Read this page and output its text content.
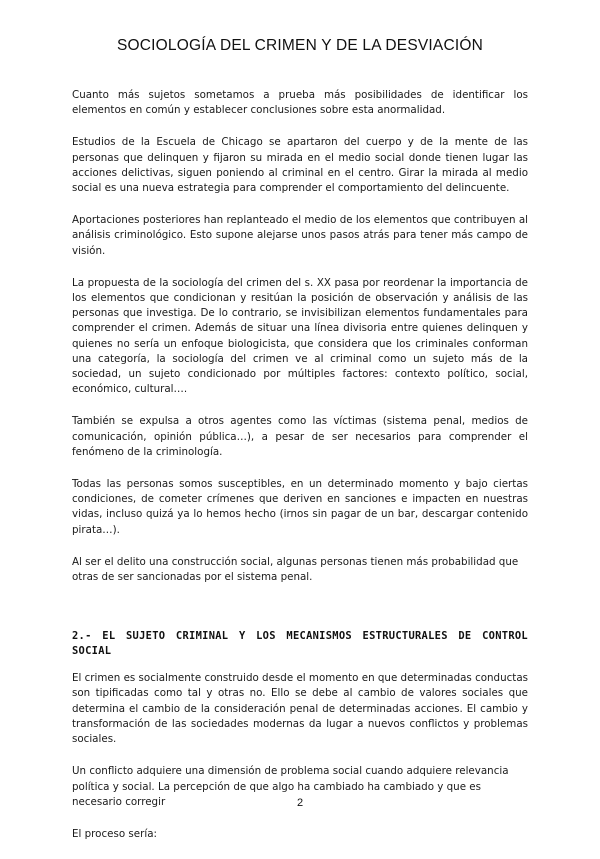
SOCIOLOGÍA DEL CRIMEN Y DE LA DESVIACIÓN

Cuanto más sujetos sometamos a prueba más posibilidades de identificar los elementos en común y establecer conclusiones sobre esta anormalidad.

Estudios de la Escuela de Chicago se apartaron del cuerpo y de la mente de las personas que delinquen y fijaron su mirada en el medio social donde tienen lugar las acciones delictivas, siguen poniendo al criminal en el centro. Girar la mirada al medio social es una nueva estrategia para comprender el comportamiento del delincuente.

Aportaciones posteriores han replanteado el medio de los elementos que contribuyen al análisis criminológico. Esto supone alejarse unos pasos atrás para tener más campo de visión.

La propuesta de la sociología del crimen del s. XX pasa por reordenar la importancia de los elementos que condicionan y resitúan la posición de observación y análisis de las personas que investiga. De lo contrario, se invisibilizan elementos fundamentales para comprender el crimen. Además de situar una línea divisoria entre quienes delinquen y quienes no sería un enfoque biologicista, que considera que los criminales conforman una categoría, la sociología del crimen ve al criminal como un sujeto más de la sociedad, un sujeto condicionado por múltiples factores: contexto político, social, económico, cultural….

También se expulsa a otros agentes como las víctimas (sistema penal, medios de comunicación, opinión pública…), a pesar de ser necesarios para comprender el fenómeno de la criminología.

Todas las personas somos susceptibles, en un determinado momento y bajo ciertas condiciones, de cometer crímenes que deriven en sanciones e impacten en nuestras vidas, incluso quizá ya lo hemos hecho (irnos sin pagar de un bar, descargar contenido pirata…).

Al ser el delito una construcción social, algunas personas tienen más probabilidad que otras de ser sancionadas por el sistema penal.

2.- EL SUJETO CRIMINAL Y LOS MECANISMOS ESTRUCTURALES DE CONTROL SOCIAL

El crimen es socialmente construido desde el momento en que determinadas conductas son tipificadas como tal y otras no. Ello se debe al cambio de valores sociales que determina el cambio de la consideración penal de determinadas acciones. El cambio y transformación de las sociedades modernas da lugar a nuevos conflictos y problemas sociales.

Un conflicto adquiere una dimensión de problema social cuando adquiere relevancia política y social. La percepción de que algo ha cambiado ha cambiado y que es necesario corregir

El proceso sería:

2
